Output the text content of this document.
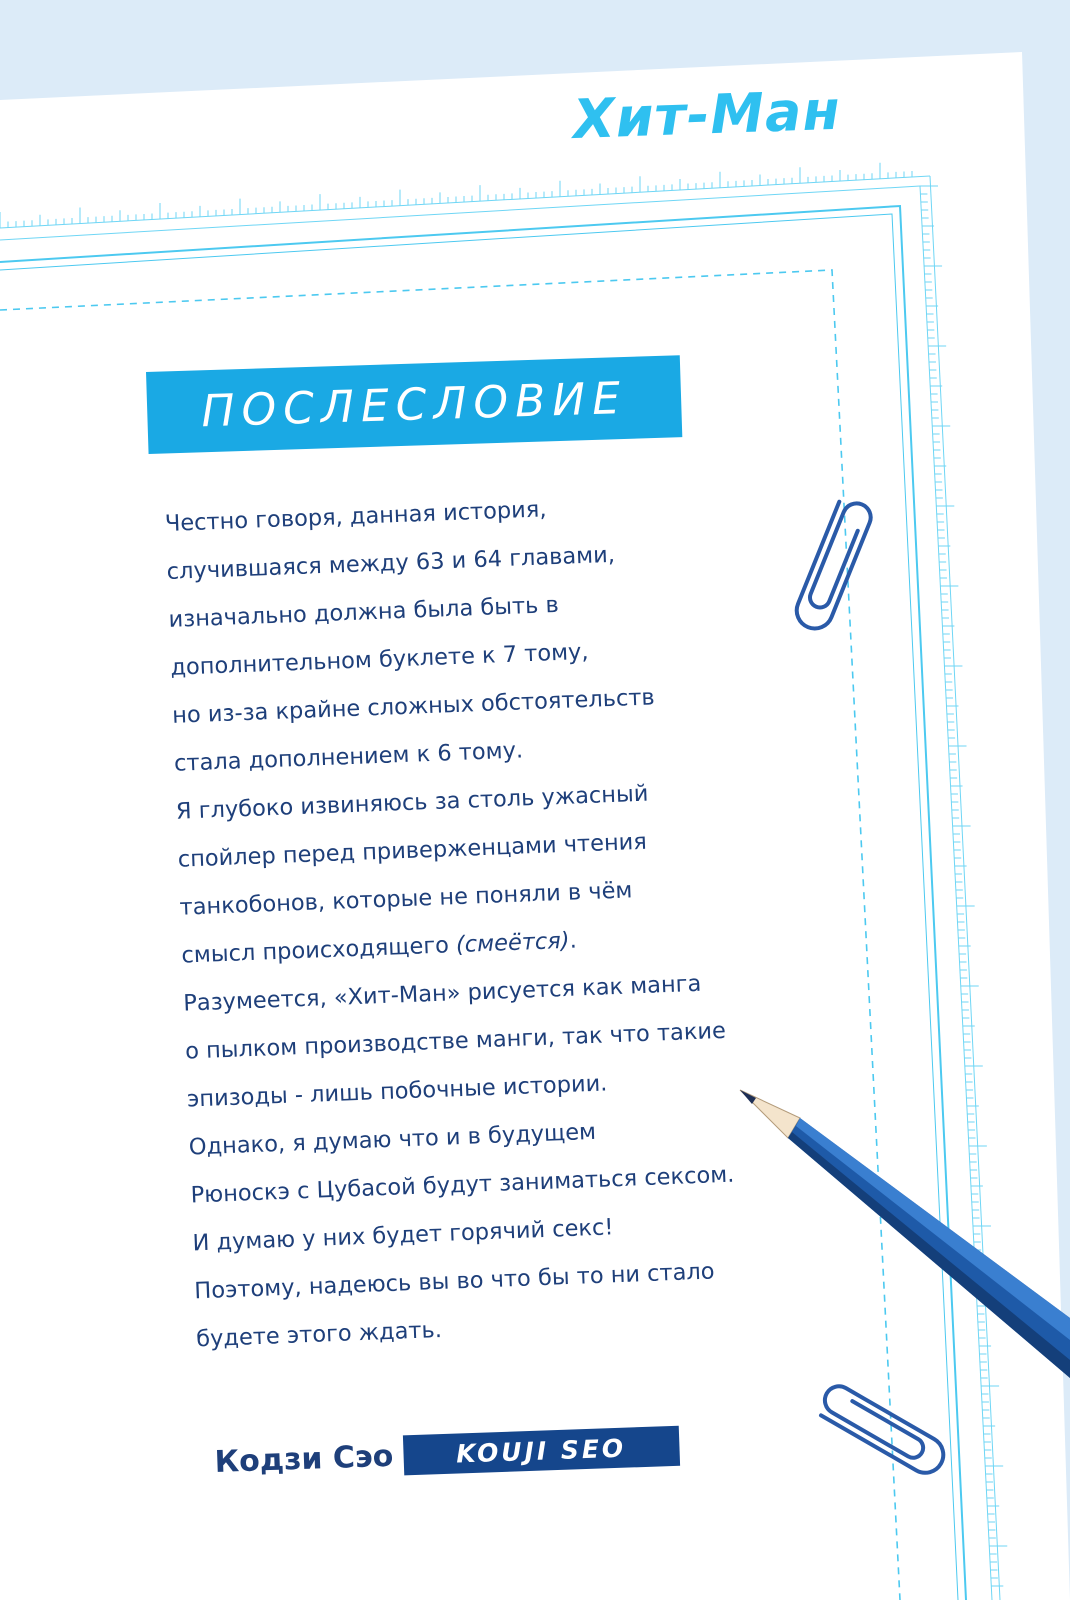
Хит-Ман
ПОСЛЕСЛОВИЕ
Честно говоря, данная история,
случившаяся между 63 и 64 главами,
изначально должна была быть в
дополнительном буклете к 7 тому,
но из-за крайне сложных обстоятельств
стала дополнением к 6 тому.
Я глубоко извиняюсь за столь ужасный
спойлер перед приверженцами чтения
танкобонов, которые не поняли в чём
смысл происходящего (смеётся).
Разумеется, «Хит-Ман» рисуется как манга
о пылком производстве манги, так что такие
эпизоды - лишь побочные истории.
Однако, я думаю что и в будущем
Рюноскэ с Цубасой будут заниматься сексом.
И думаю у них будет горячий секс!
Поэтому, надеюсь вы во что бы то ни стало
будете этого ждать.
Кодзи Сэо KOUJI SEO
